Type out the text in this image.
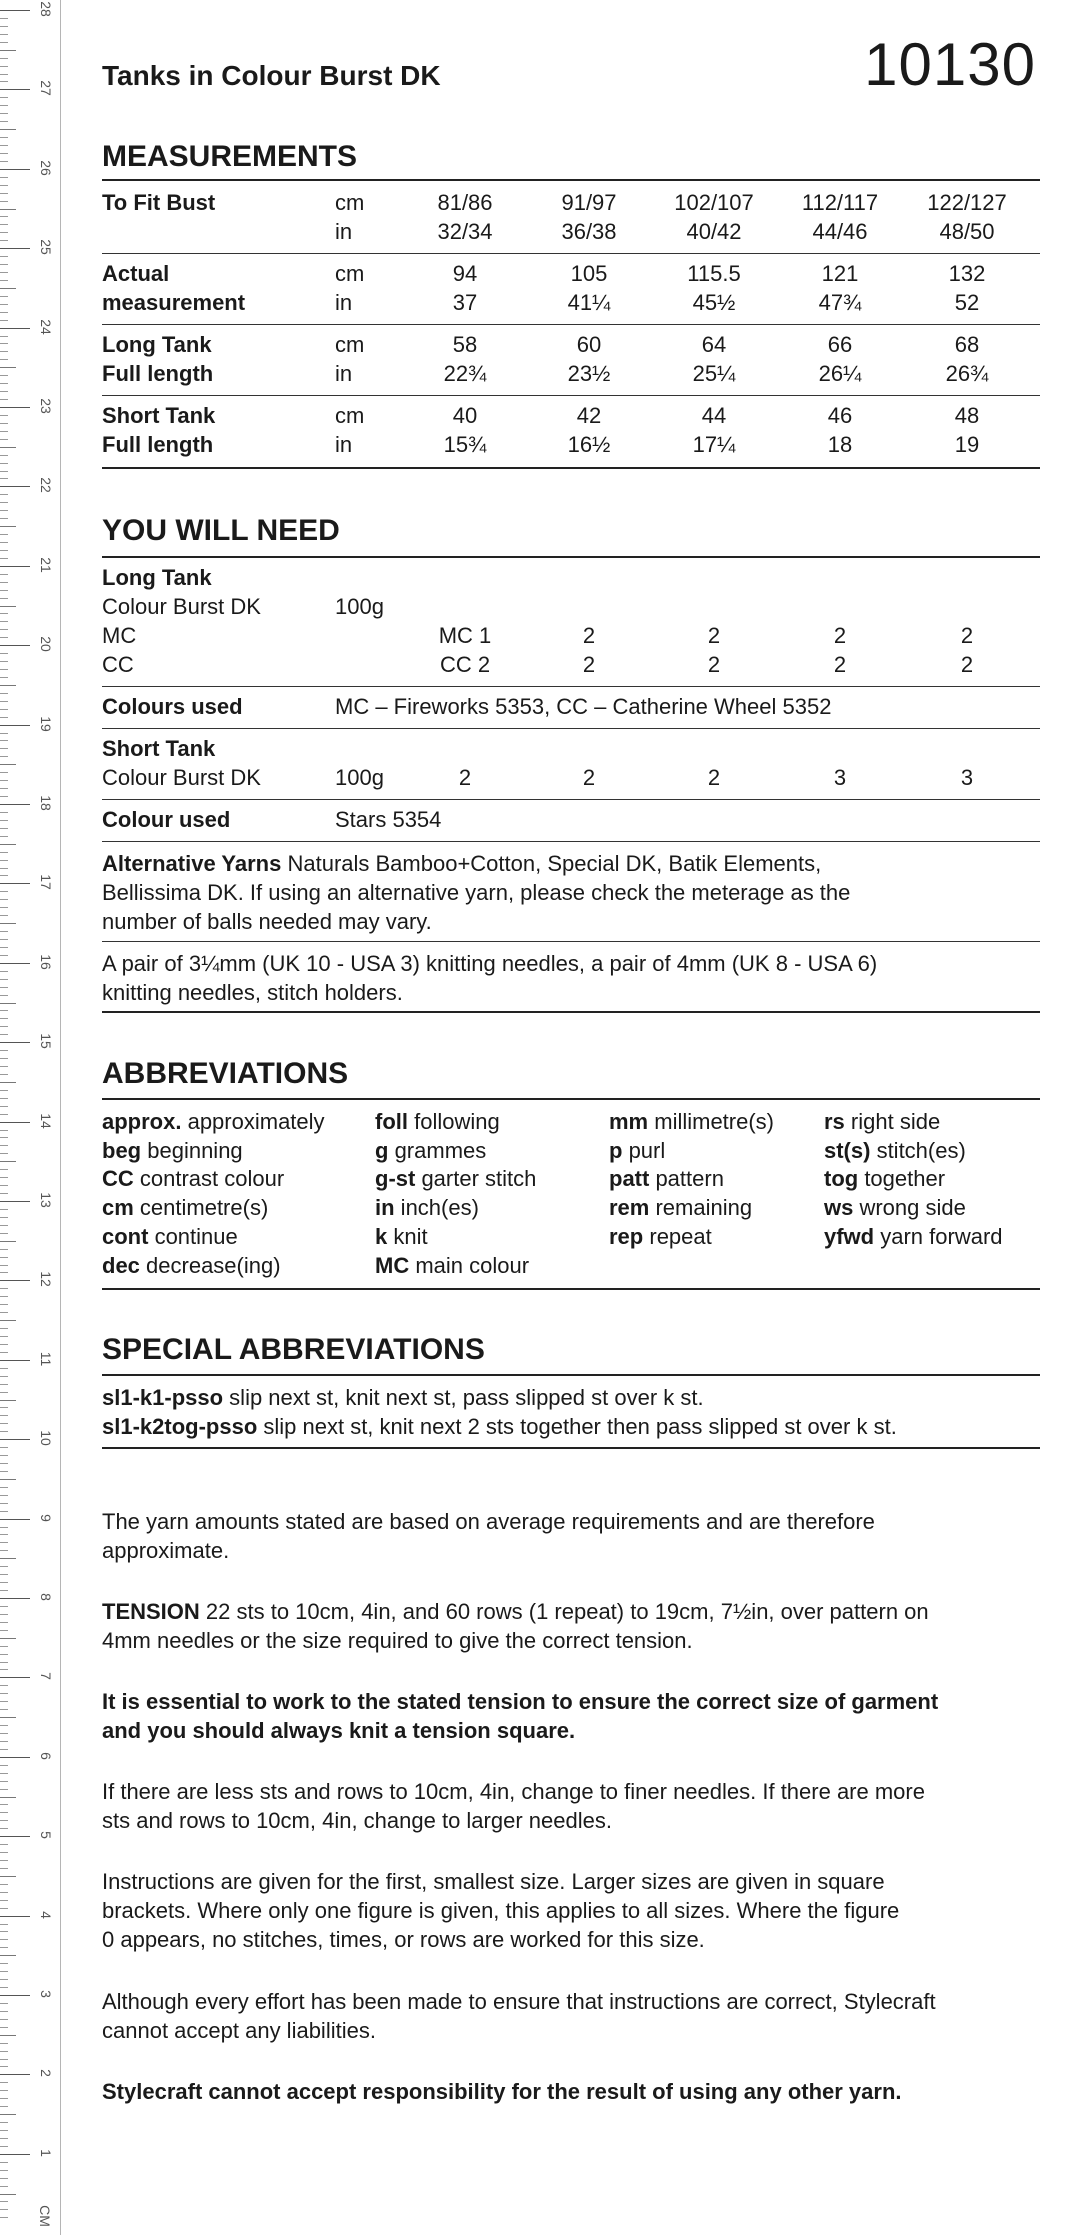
28
27
26
25
24
23
22
21
20
19
18
17
16
15
14
13
12
11
10
9
8
7
6
5
4
3
2
1
CM
Tanks in Colour Burst DK	10130
MEASUREMENTS
To Fit Bust	cm	81/86	91/97	102/107	112/117	122/127
in	32/34	36/38	40/42	44/46	48/50
Actual	cm	94	105	115.5	121	132
measurement	in	37	41¼	45½	47¾	52
Long Tank	cm	58	60	64	66	68
Full length	in	22¾	23½	25¼	26¼	26¾
Short Tank	cm	40	42	44	46	48
Full length	in	15¾	16½	17¼	18	19
YOU WILL NEED
Long Tank
Colour Burst DK	100g
MC	MC 1	2	2	2	2
CC	CC 2	2	2	2	2
Colours used	MC – Fireworks 5353, CC – Catherine Wheel 5352
Short Tank
Colour Burst DK	100g	2	2	2	3	3
Colour used	Stars 5354
Alternative Yarns Naturals Bamboo+Cotton, Special DK, Batik Elements,
Bellissima DK. If using an alternative yarn, please check the meterage as the
number of balls needed may vary.
A pair of 3¼mm (UK 10 - USA 3) knitting needles, a pair of 4mm (UK 8 - USA 6)
knitting needles, stitch holders.
ABBREVIATIONS
approx. approximately
beg beginning
CC contrast colour
cm centimetre(s)
cont continue
dec decrease(ing)
foll following
g grammes
g-st garter stitch
in inch(es)
k knit
MC main colour
mm millimetre(s)
p purl
patt pattern
rem remaining
rep repeat
rs right side
st(s) stitch(es)
tog together
ws wrong side
yfwd yarn forward
SPECIAL ABBREVIATIONS
sl1-k1-psso slip next st, knit next st, pass slipped st over k st.
sl1-k2tog-psso slip next st, knit next 2 sts together then pass slipped st over k st.
The yarn amounts stated are based on average requirements and are therefore
approximate.
TENSION 22 sts to 10cm, 4in, and 60 rows (1 repeat) to 19cm, 7½in, over pattern on
4mm needles or the size required to give the correct tension.
It is essential to work to the stated tension to ensure the correct size of garment
and you should always knit a tension square.
If there are less sts and rows to 10cm, 4in, change to finer needles. If there are more
sts and rows to 10cm, 4in, change to larger needles.
Instructions are given for the first, smallest size. Larger sizes are given in square
brackets. Where only one figure is given, this applies to all sizes. Where the figure
0 appears, no stitches, times, or rows are worked for this size.
Although every effort has been made to ensure that instructions are correct, Stylecraft
cannot accept any liabilities.
Stylecraft cannot accept responsibility for the result of using any other yarn.
